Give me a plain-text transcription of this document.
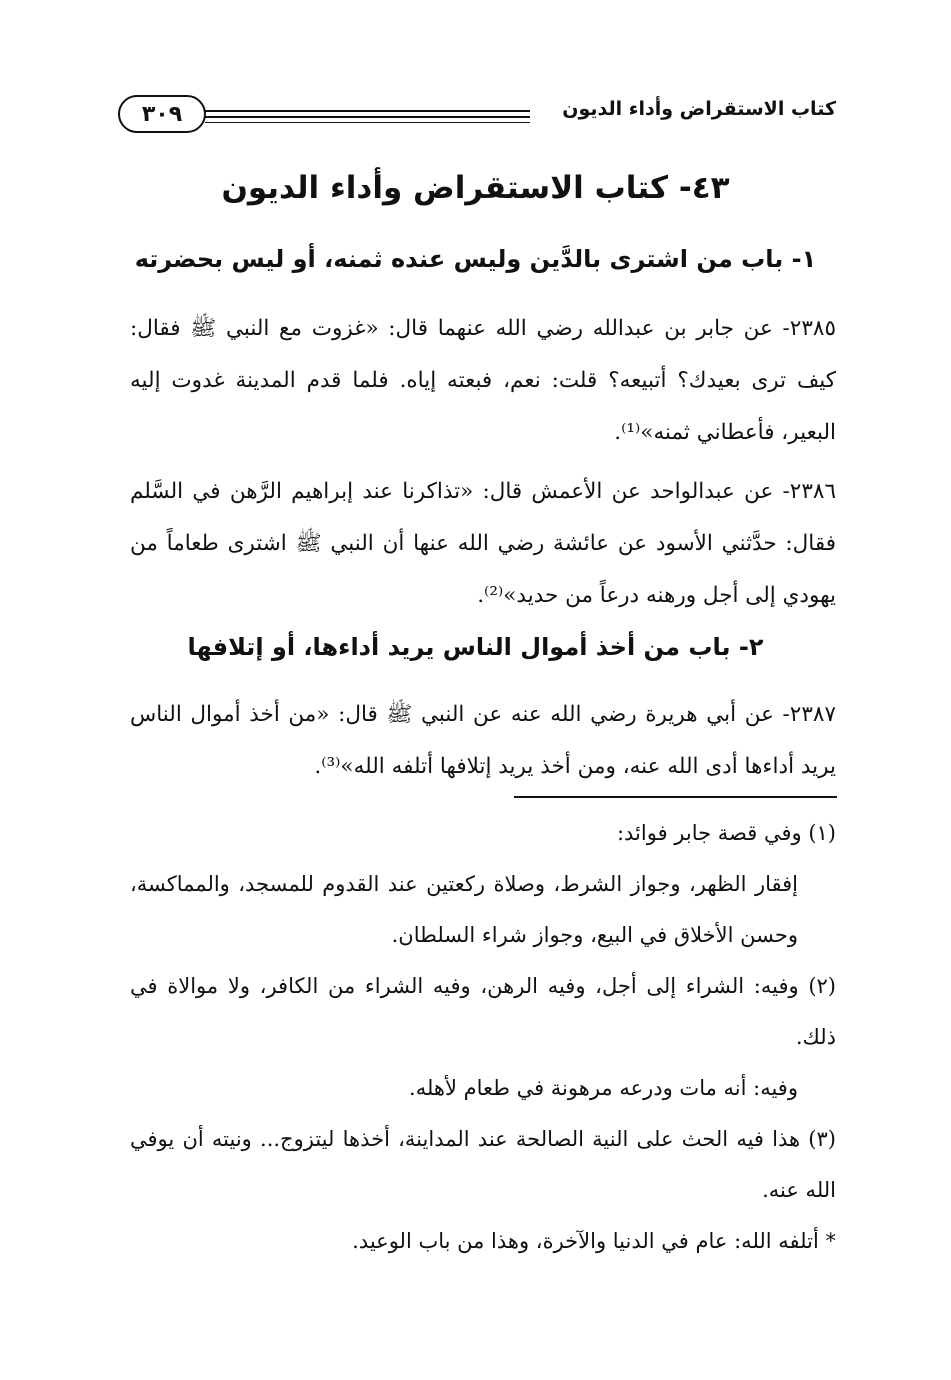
كتاب الاستقراض وأداء الديون
٣٠٩
٤٣- كتاب الاستقراض وأداء الديون
١- باب من اشترى بالدَّين وليس عنده ثمنه، أو ليس بحضرته
٢٣٨٥- عن جابر بن عبدالله رضي الله عنهما قال: «غزوت مع النبي ﷺ فقال: كيف ترى بعيدك؟ أتبيعه؟ قلت: نعم، فبعته إياه. فلما قدم المدينة غدوت إليه البعير، فأعطاني ثمنه»⁽¹⁾.
٢٣٨٦- عن عبدالواحد عن الأعمش قال: «تذاكرنا عند إبراهيم الرَّهن في السَّلم فقال: حدَّثني الأسود عن عائشة رضي الله عنها أن النبي ﷺ اشترى طعاماً من يهودي إلى أجل ورهنه درعاً من حديد»⁽²⁾.
٢- باب من أخذ أموال الناس يريد أداءها، أو إتلافها
٢٣٨٧- عن أبي هريرة رضي الله عنه عن النبي ﷺ قال: «من أخذ أموال الناس يريد أداءها أدى الله عنه، ومن أخذ يريد إتلافها أتلفه الله»⁽³⁾.

(١) وفي قصة جابر فوائد:

إفقار الظهر، وجواز الشرط، وصلاة ركعتين عند القدوم للمسجد، والمماكسة، وحسن الأخلاق في البيع، وجواز شراء السلطان.

(٢) وفيه: الشراء إلى أجل، وفيه الرهن، وفيه الشراء من الكافر، ولا موالاة في ذلك.

وفيه: أنه مات ودرعه مرهونة في طعام لأهله.

(٣) هذا فيه الحث على النية الصالحة عند المداينة، أخذها ليتزوج... ونيته أن يوفي الله عنه.

* أتلفه الله: عام في الدنيا والآخرة، وهذا من باب الوعيد.
